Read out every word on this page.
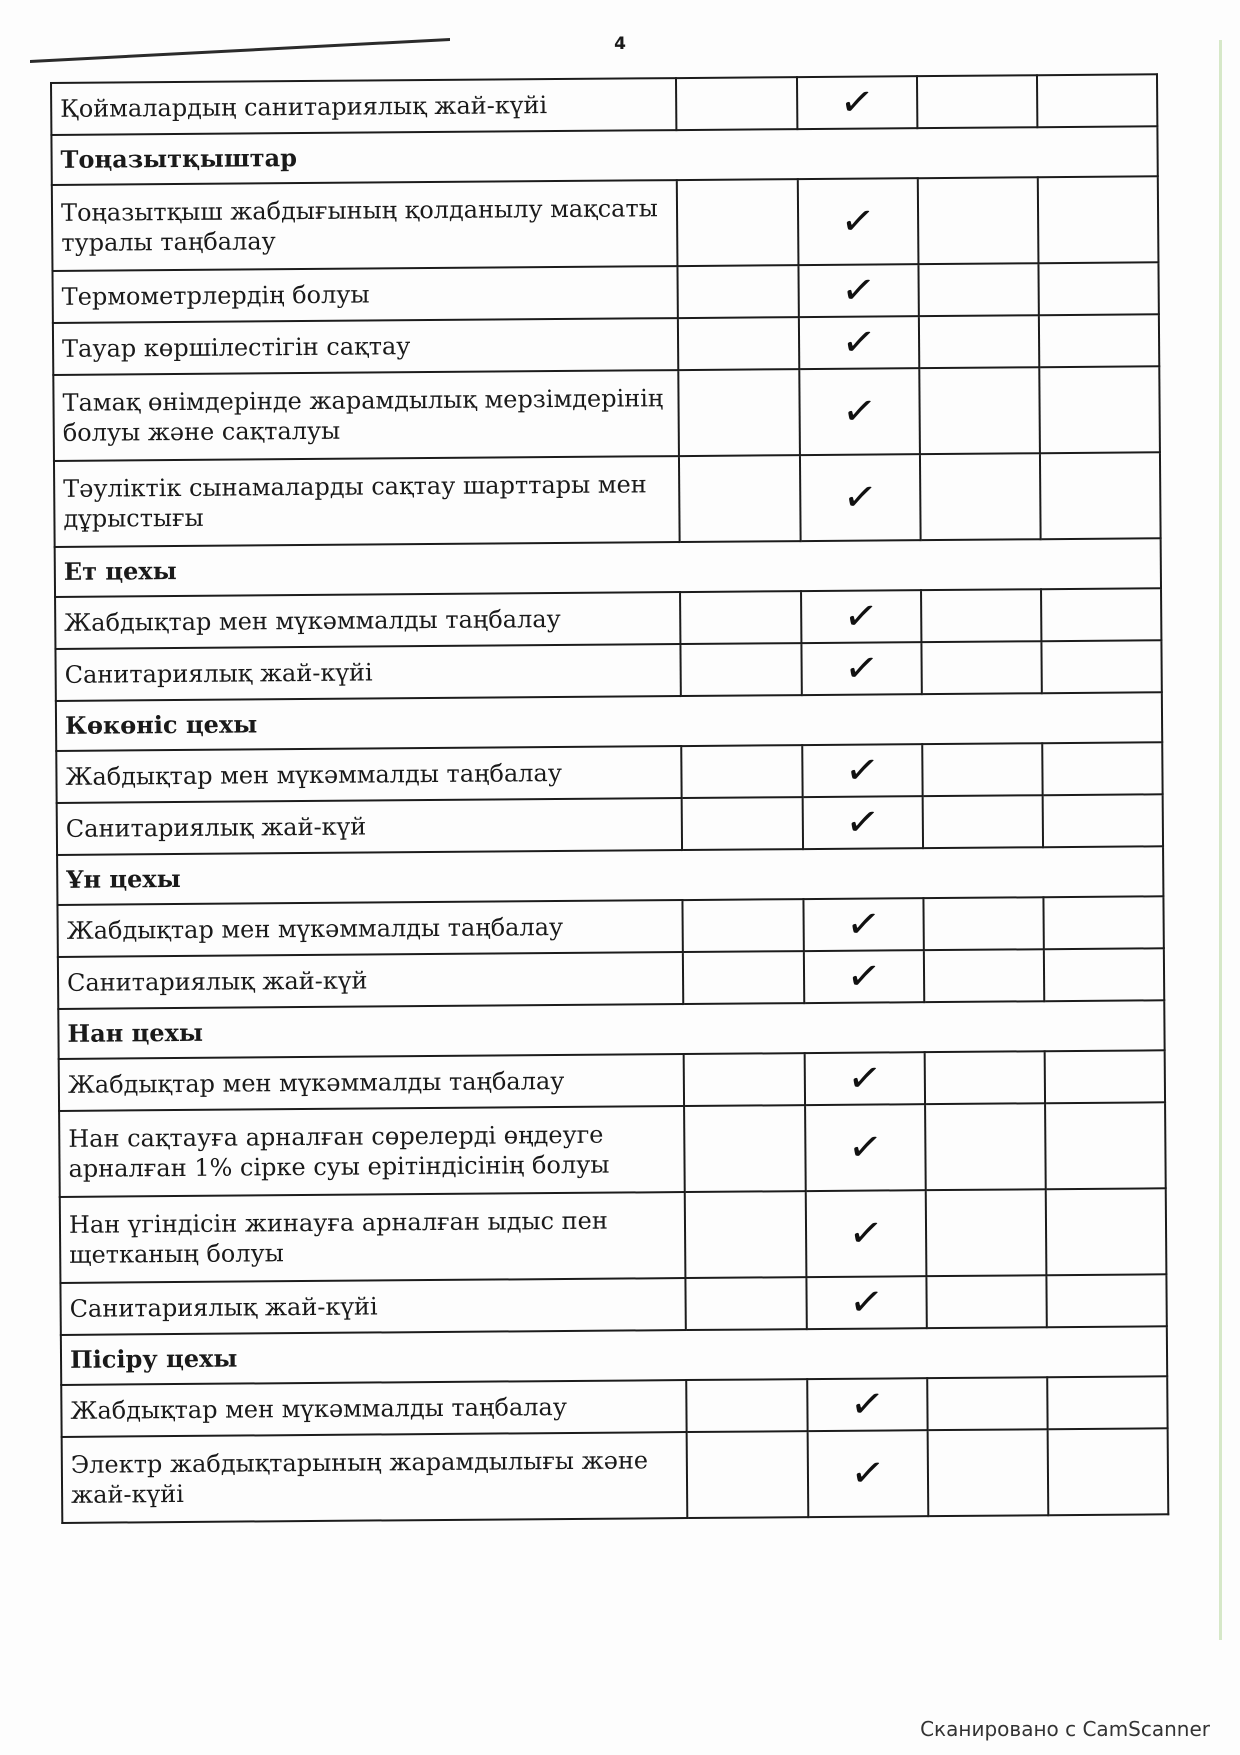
4
Қоймалардың санитариялық жай-күйі		✓		
Тоңазытқыштар				
Тоңазытқыш жабдығының қолданылу мақсаты туралы таңбалау		✓		
Термометрлердің болуы		✓		
Тауар көршілестігін сақтау		✓		
Тамақ өнімдерінде жарамдылық мерзімдерінің болуы және сақталуы		✓		
Тәуліктік сынамаларды сақтау шарттары мен дұрыстығы		✓		
Ет цехы				
Жабдықтар мен мүкәммалды таңбалау		✓		
Санитариялық жай-күйі		✓		
Көкөніс цехы				
Жабдықтар мен мүкәммалды таңбалау		✓		
Санитариялық жай-күй		✓		
Ұн цехы				
Жабдықтар мен мүкәммалды таңбалау		✓		
Санитариялық жай-күй		✓		
Нан цехы				
Жабдықтар мен мүкәммалды таңбалау		✓		
Нан сақтауға арналған сөрелерді өңдеуге арналған 1% сірке суы ерітіндісінің болуы		✓		
Нан үгіндісін жинауға арналған ыдыс пен щетканың болуы		✓		
Санитариялық жай-күйі		✓		
Пісіру цехы				
Жабдықтар мен мүкәммалды таңбалау		✓		
Электр жабдықтарының жарамдылығы және жай-күйі		✓		
Сканировано с CamScanner
